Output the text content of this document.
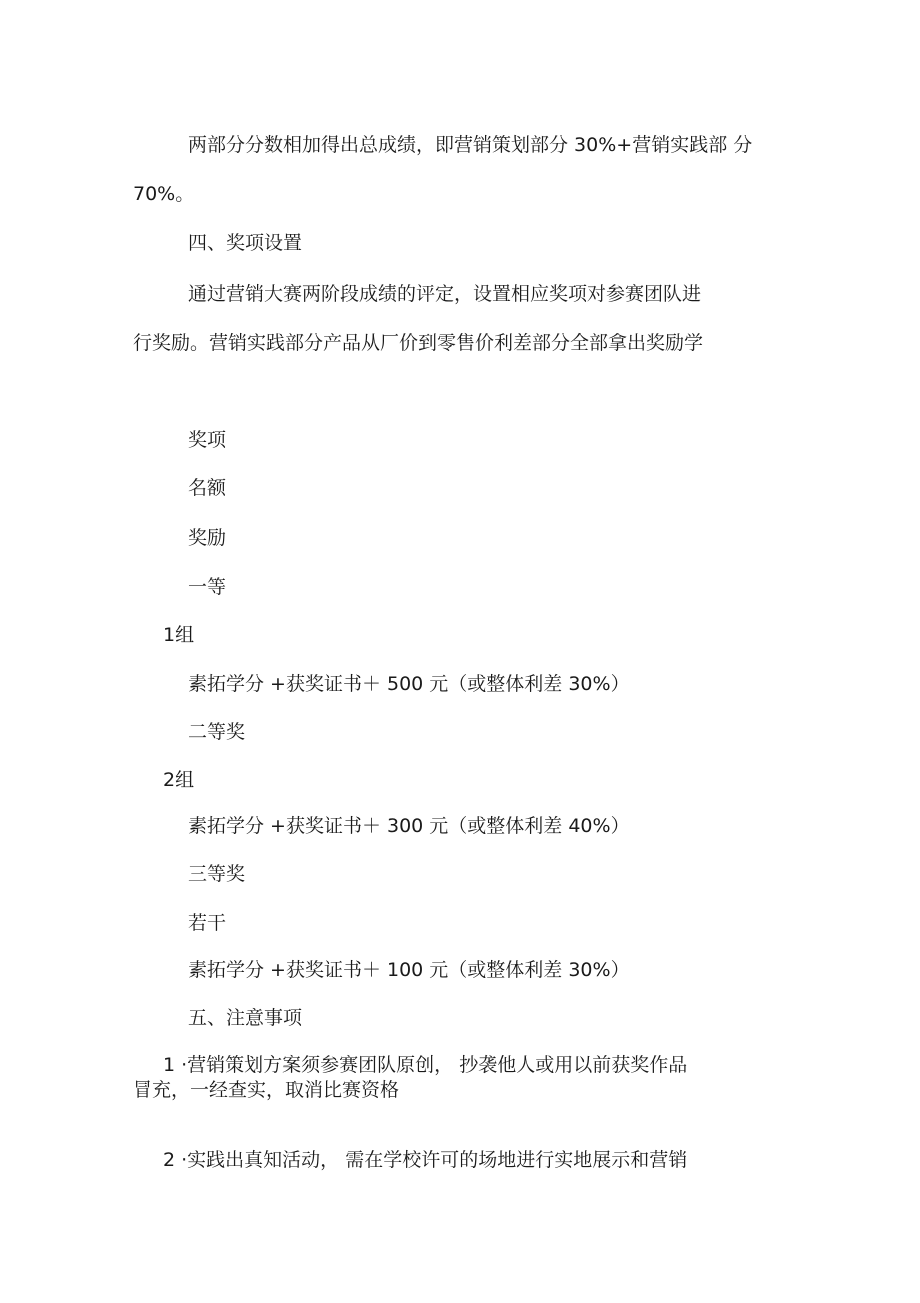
两部分分数相加得出总成绩，即营销策划部分 30%+营销实践部 分

70%。

四、奖项设置

通过营销大赛两阶段成绩的评定，设置相应奖项对参赛团队进

行奖励。营销实践部分产品从厂价到零售价利差部分全部拿出奖励学

奖项

名额

奖励

一等

1组

素拓学分 +获奖证书＋ 500 元（或整体利差 30%）

二等奖

2组

素拓学分 +获奖证书＋ 300 元（或整体利差 40%）

三等奖

若干

素拓学分 +获奖证书＋ 100 元（或整体利差 30%）

五、注意事项

1 ·营销策划方案须参赛团队原创， 抄袭他人或用以前获奖作品

冒充，一经查实，取消比赛资格

2 ·实践出真知活动， 需在学校许可的场地进行实地展示和营销
